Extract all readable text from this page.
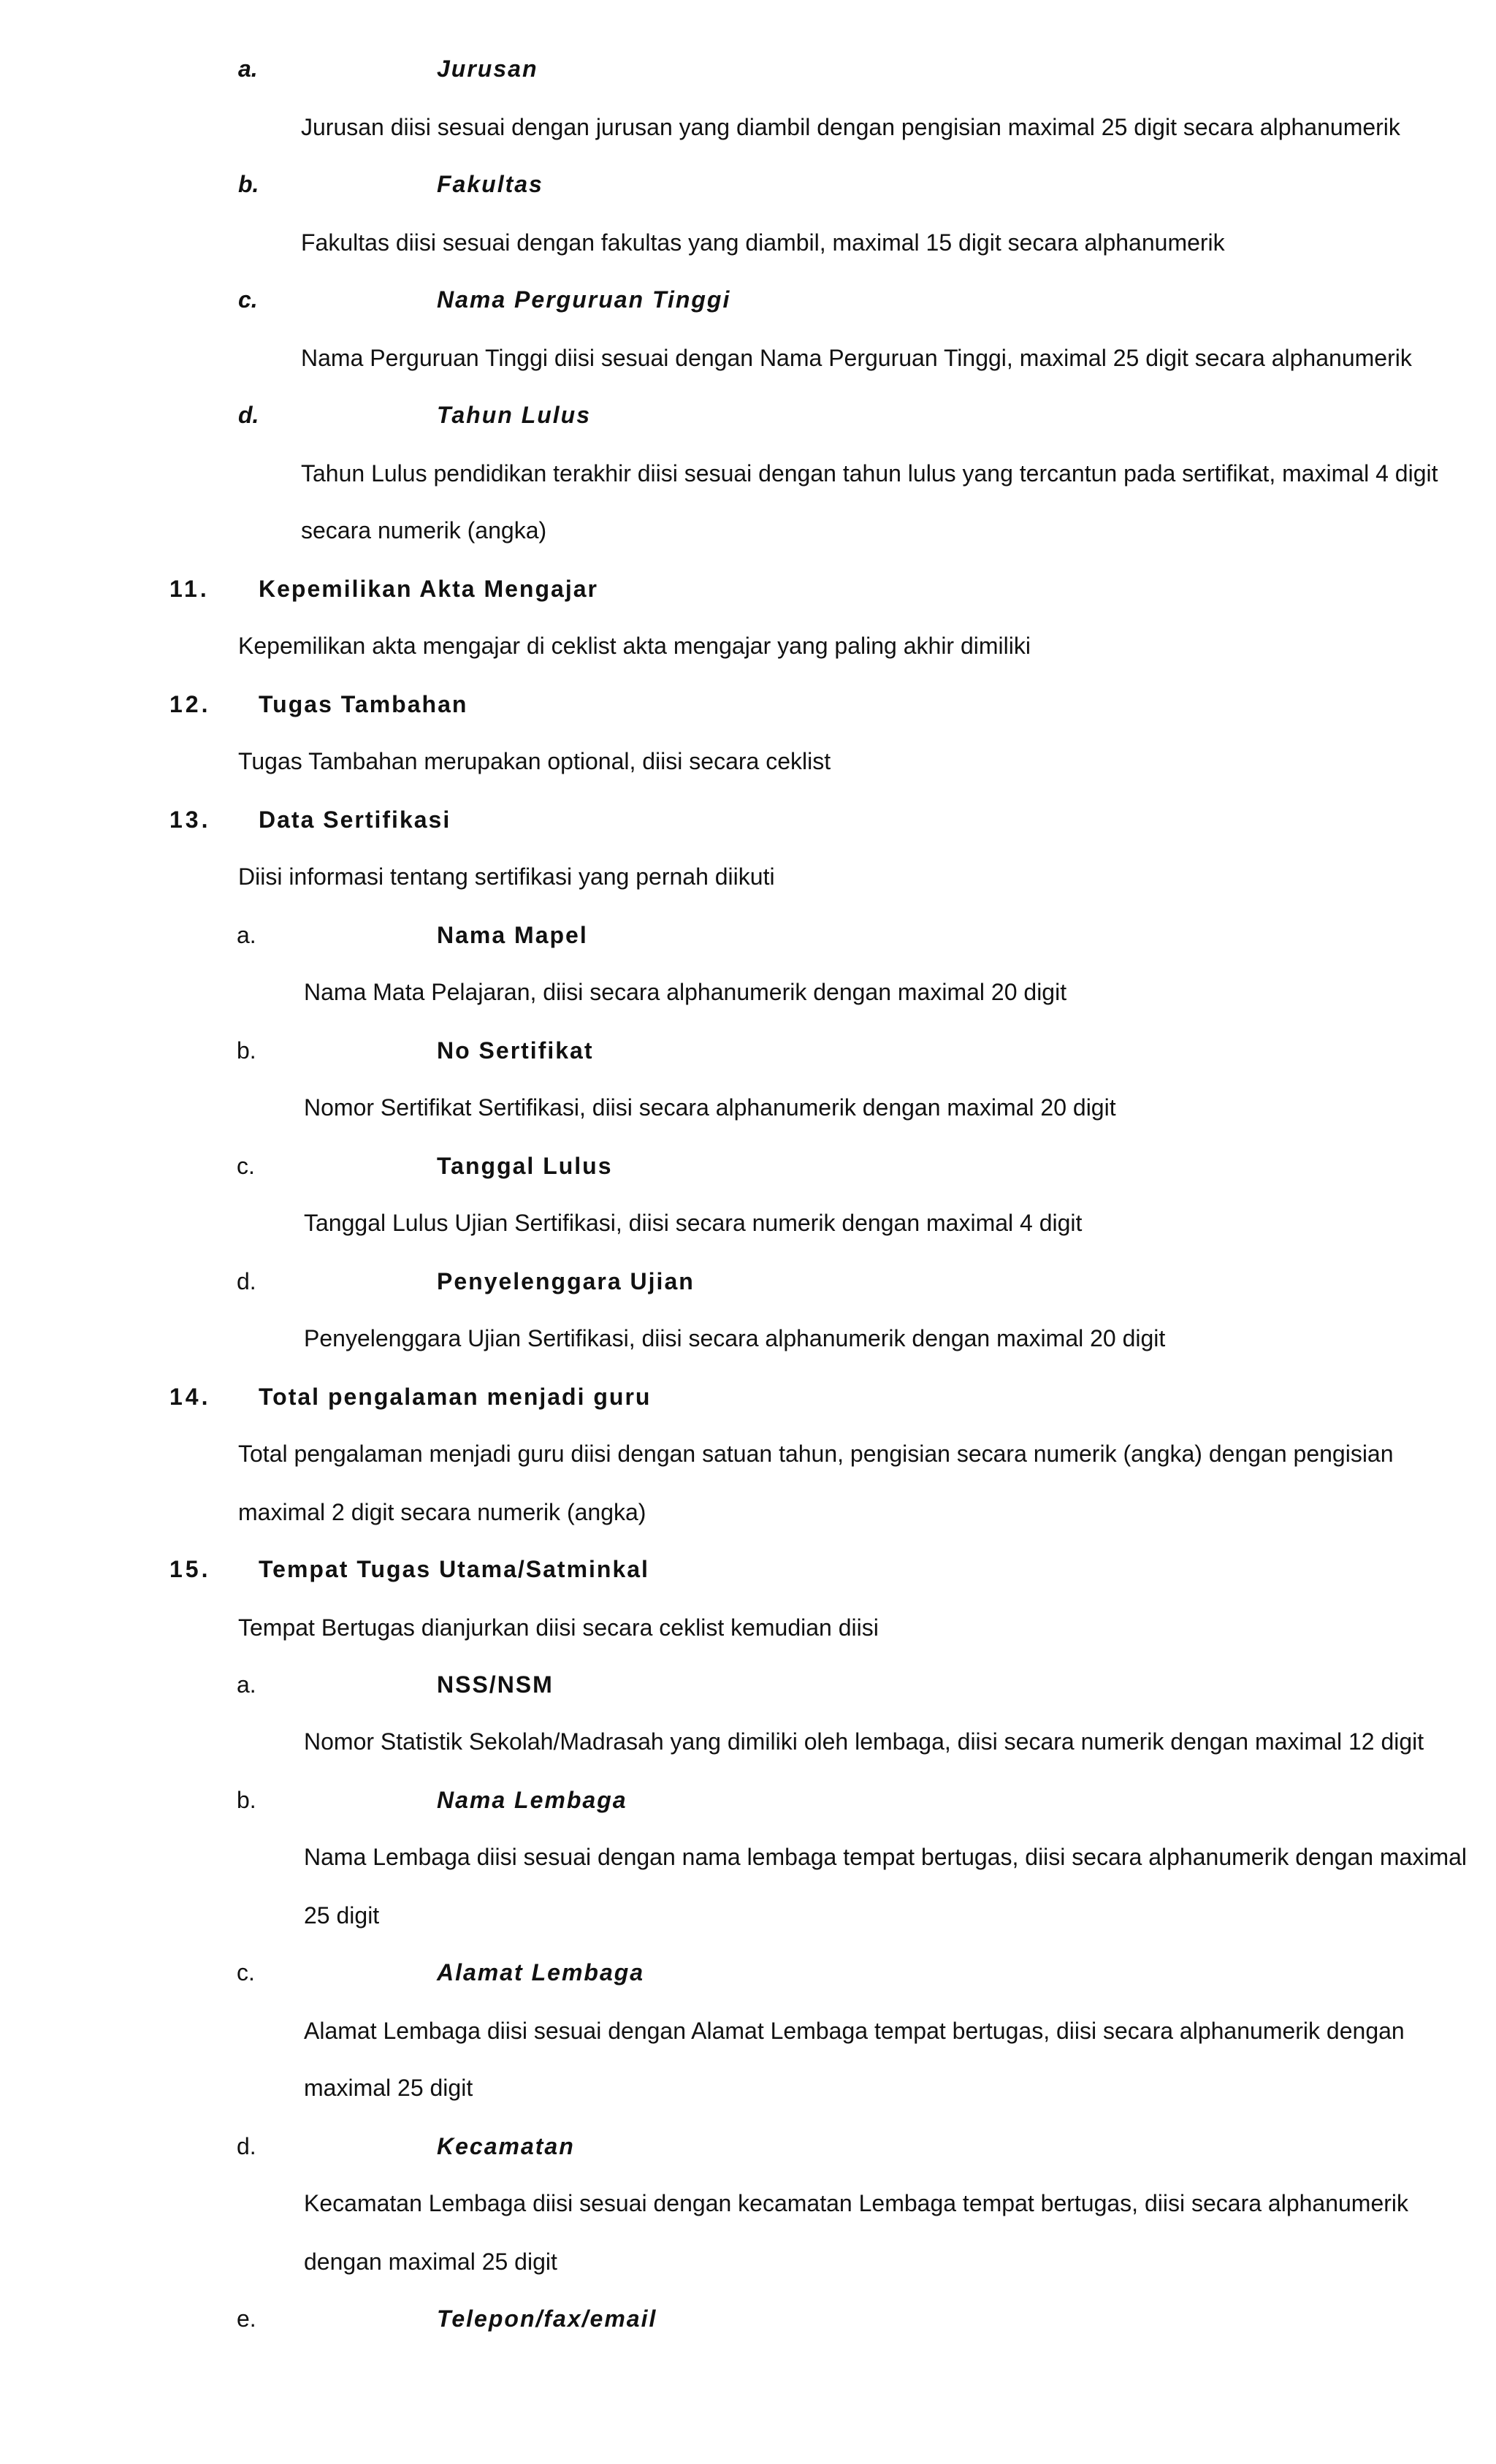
a.	Jurusan
Jurusan diisi sesuai dengan jurusan yang diambil dengan pengisian maximal 25 digit secara alphanumerik
b.	Fakultas
Fakultas diisi sesuai dengan fakultas yang diambil, maximal 15 digit secara alphanumerik
c.	Nama Perguruan Tinggi
Nama Perguruan Tinggi diisi sesuai dengan Nama Perguruan Tinggi, maximal 25 digit secara alphanumerik
d.	Tahun Lulus
Tahun Lulus pendidikan terakhir diisi sesuai dengan tahun lulus yang tercantun pada sertifikat, maximal 4 digit
secara numerik (angka)
11. Kepemilikan Akta Mengajar
Kepemilikan akta mengajar di ceklist akta mengajar yang paling akhir dimiliki
12. Tugas Tambahan
Tugas Tambahan merupakan optional, diisi secara ceklist
13. Data Sertifikasi
Diisi informasi tentang sertifikasi yang pernah diikuti
a.	Nama Mapel
Nama Mata Pelajaran, diisi secara alphanumerik dengan maximal 20 digit
b.	No Sertifikat
Nomor Sertifikat Sertifikasi, diisi secara alphanumerik dengan maximal 20 digit
c.	Tanggal Lulus
Tanggal Lulus Ujian Sertifikasi, diisi secara numerik dengan maximal 4 digit
d.	Penyelenggara Ujian
Penyelenggara Ujian Sertifikasi, diisi secara alphanumerik dengan maximal 20 digit
14. Total pengalaman menjadi guru
Total pengalaman menjadi guru diisi dengan satuan tahun, pengisian secara numerik (angka) dengan pengisian
maximal 2 digit secara numerik (angka)
15. Tempat Tugas Utama/Satminkal
Tempat Bertugas dianjurkan diisi secara ceklist kemudian diisi
a.	NSS/NSM
Nomor Statistik Sekolah/Madrasah yang dimiliki oleh lembaga, diisi secara numerik dengan maximal 12 digit
b.	Nama Lembaga
Nama Lembaga diisi sesuai dengan nama lembaga tempat bertugas, diisi secara alphanumerik dengan maximal
25 digit
c.	Alamat Lembaga
Alamat Lembaga diisi sesuai dengan Alamat Lembaga tempat bertugas, diisi secara alphanumerik dengan
maximal 25 digit
d.	Kecamatan
Kecamatan Lembaga diisi sesuai dengan kecamatan Lembaga tempat bertugas, diisi secara alphanumerik
dengan maximal 25 digit
e.	Telepon/fax/email
